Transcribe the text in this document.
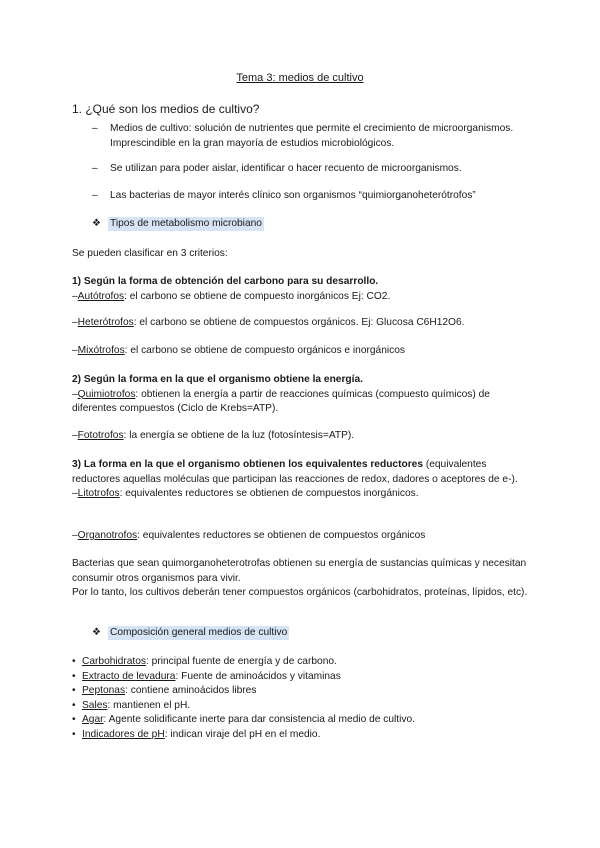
Tema 3: medios de cultivo
1. ¿Qué son los medios de cultivo?
– Medios de cultivo: solución de nutrientes que permite el crecimiento de microorganismos. Imprescindible en la gran mayoría de estudios microbiológicos.
– Se utilizan para poder aislar, identificar o hacer recuento de microorganismos.
– Las bacterias de mayor interés clínico son organismos “quimiorganoheterótrofos”
❖ Tipos de metabolismo microbiano
Se pueden clasificar en 3 criterios:
1) Según la forma de obtención del carbono para su desarrollo.
–Autótrofos: el carbono se obtiene de compuesto inorgánicos Ej: CO2.
–Heterótrofos: el carbono se obtiene de compuestos orgánicos. Ej: Glucosa C6H12O6.
–Mixótrofos: el carbono se obtiene de compuesto orgánicos e inorgánicos
2) Según la forma en la que el organismo obtiene la energía.
–Quimiotrofos: obtienen la energía a partir de reacciones químicas (compuesto químicos) de diferentes compuestos (Ciclo de Krebs=ATP).
–Fototrofos: la energía se obtiene de la luz (fotosíntesis=ATP).
3) La forma en la que el organismo obtienen los equivalentes reductores (equivalentes reductores aquellas moléculas que participan las reacciones de redox, dadores o aceptores de e-).
–Litotrofos: equivalentes reductores se obtienen de compuestos inorgánicos.
–Organotrofos: equivalentes reductores se obtienen de compuestos orgánicos
Bacterias que sean quimorganoheterotrofas obtienen su energía de sustancias químicas y necesitan consumir otros organismos para vivir.
Por lo tanto, los cultivos deberán tener compuestos orgánicos (carbohidratos, proteínas, lípidos, etc).
❖ Composición general medios de cultivo
• Carbohidratos: principal fuente de energía y de carbono.
• Extracto de levadura: Fuente de aminoácidos y vitaminas
• Peptonas: contiene aminoácidos libres
• Sales: mantienen el pH.
• Agar: Agente solidificante inerte para dar consistencia al medio de cultivo.
• Indicadores de pH: indican viraje del pH en el medio.
